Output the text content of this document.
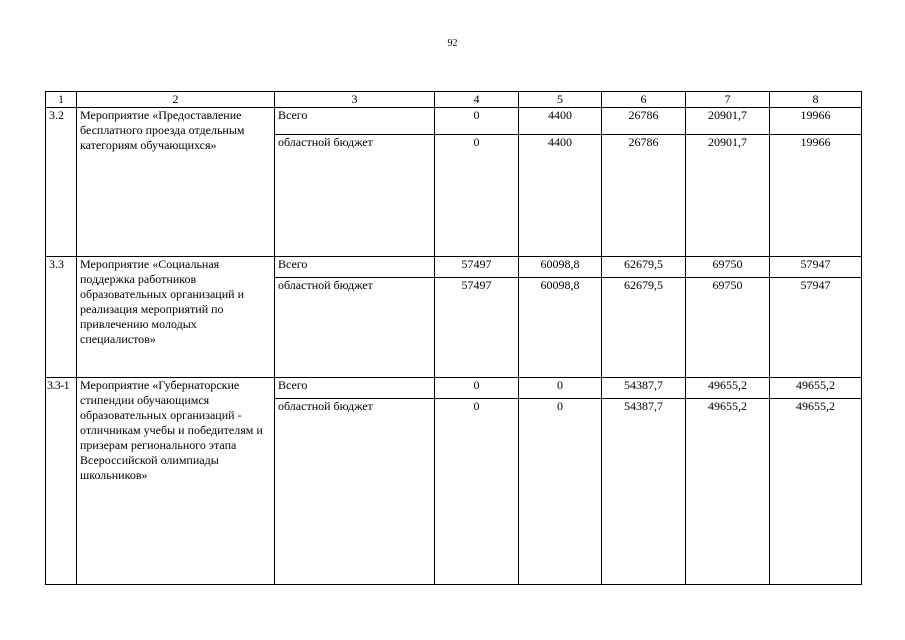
92
1	2	3	4	5	6	7	8
3.2	Мероприятие «Предоставление бесплатного проезда отдельным категориям обучающихся»	Всего	0	4400	26786	20901,7	19966
		областной бюджет	0	4400	26786	20901,7	19966
3.3	Мероприятие «Социальная поддержка работников образовательных организаций и реализация мероприятий по привлечению молодых специалистов»	Всего	57497	60098,8	62679,5	69750	57947
		областной бюджет	57497	60098,8	62679,5	69750	57947
3.3-1	Мероприятие «Губернаторские стипендии обучающимся образовательных организаций - отличникам учебы и победителям и призерам регионального этапа Всероссийской олимпиады школьников»	Всего	0	0	54387,7	49655,2	49655,2
		областной бюджет	0	0	54387,7	49655,2	49655,2
